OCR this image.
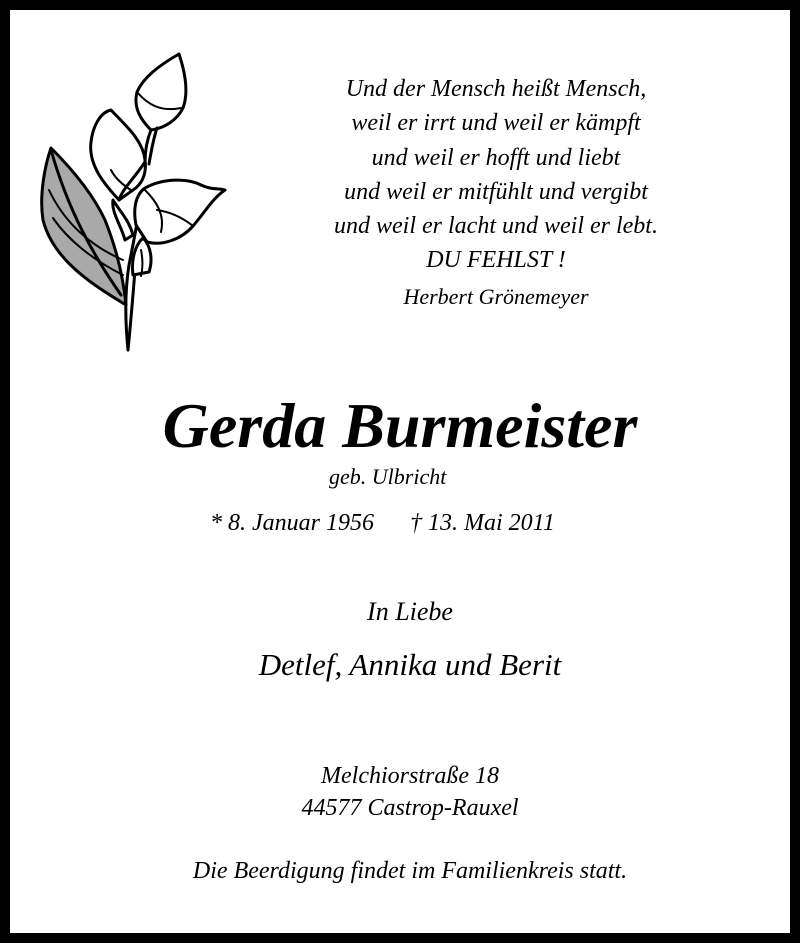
Und der Mensch heißt Mensch,
weil er irrt und weil er kämpft
und weil er hofft und liebt
und weil er mitfühlt und vergibt
und weil er lacht und weil er lebt.
DU FEHLST !
Herbert Grönemeyer
Gerda Burmeister
geb. Ulbricht
* 8. Januar 1956 † 13. Mai 2011
In Liebe
Detlef, Annika und Berit
Melchiorstraße 18
44577 Castrop-Rauxel
Die Beerdigung findet im Familienkreis statt.
